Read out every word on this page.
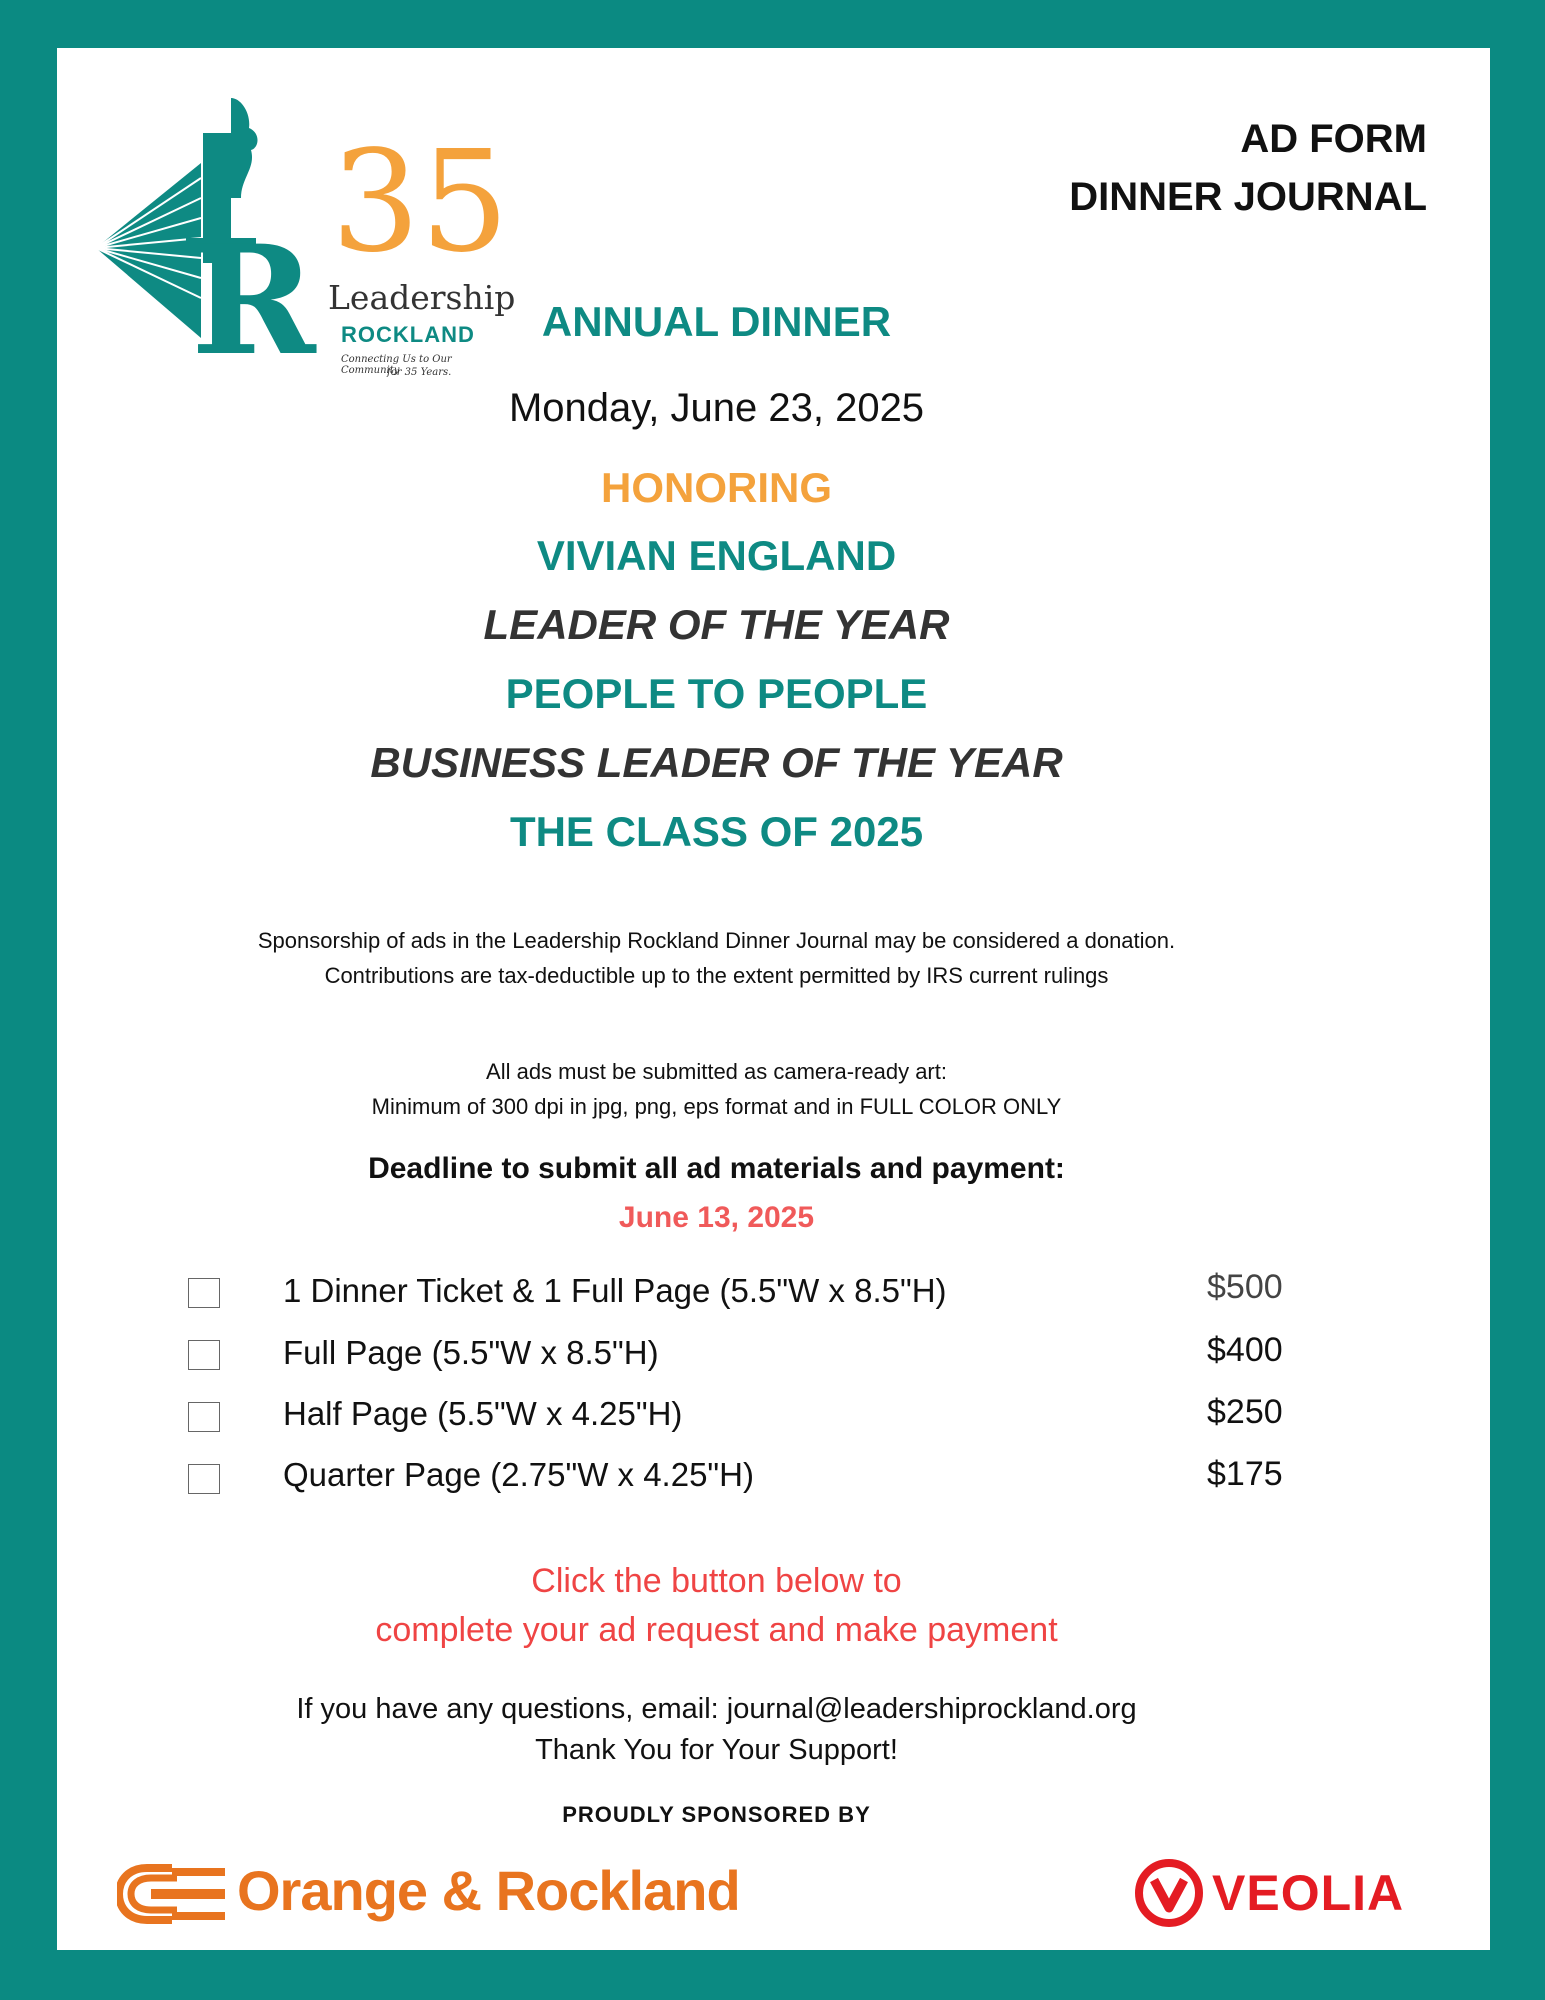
R
35
Leadership
ROCKLAND
Connecting Us to Our Community
for 35 Years.
AD FORM
DINNER JOURNAL
ANNUAL DINNER
Monday, June 23, 2025
HONORING
VIVIAN ENGLAND
LEADER OF THE YEAR
PEOPLE TO PEOPLE
BUSINESS LEADER OF THE YEAR
THE CLASS OF 2025
Sponsorship of ads in the Leadership Rockland Dinner Journal may be considered a donation.
Contributions are tax-deductible up to the extent permitted by IRS current rulings
All ads must be submitted as camera-ready art:
Minimum of 300 dpi in jpg, png, eps format and in FULL COLOR ONLY
Deadline to submit all ad materials and payment:
June 13, 2025
1 Dinner Ticket & 1 Full Page (5.5"W x 8.5"H)	$500
Full Page (5.5"W x 8.5"H)	$400
Half Page (5.5"W x 4.25"H)	$250
Quarter Page (2.75"W x 4.25"H)	$175
Click the button below to
complete your ad request and make payment
If you have any questions, email: journal@leadershiprockland.org
Thank You for Your Support!
PROUDLY SPONSORED BY
Orange & Rockland	VEOLIA
